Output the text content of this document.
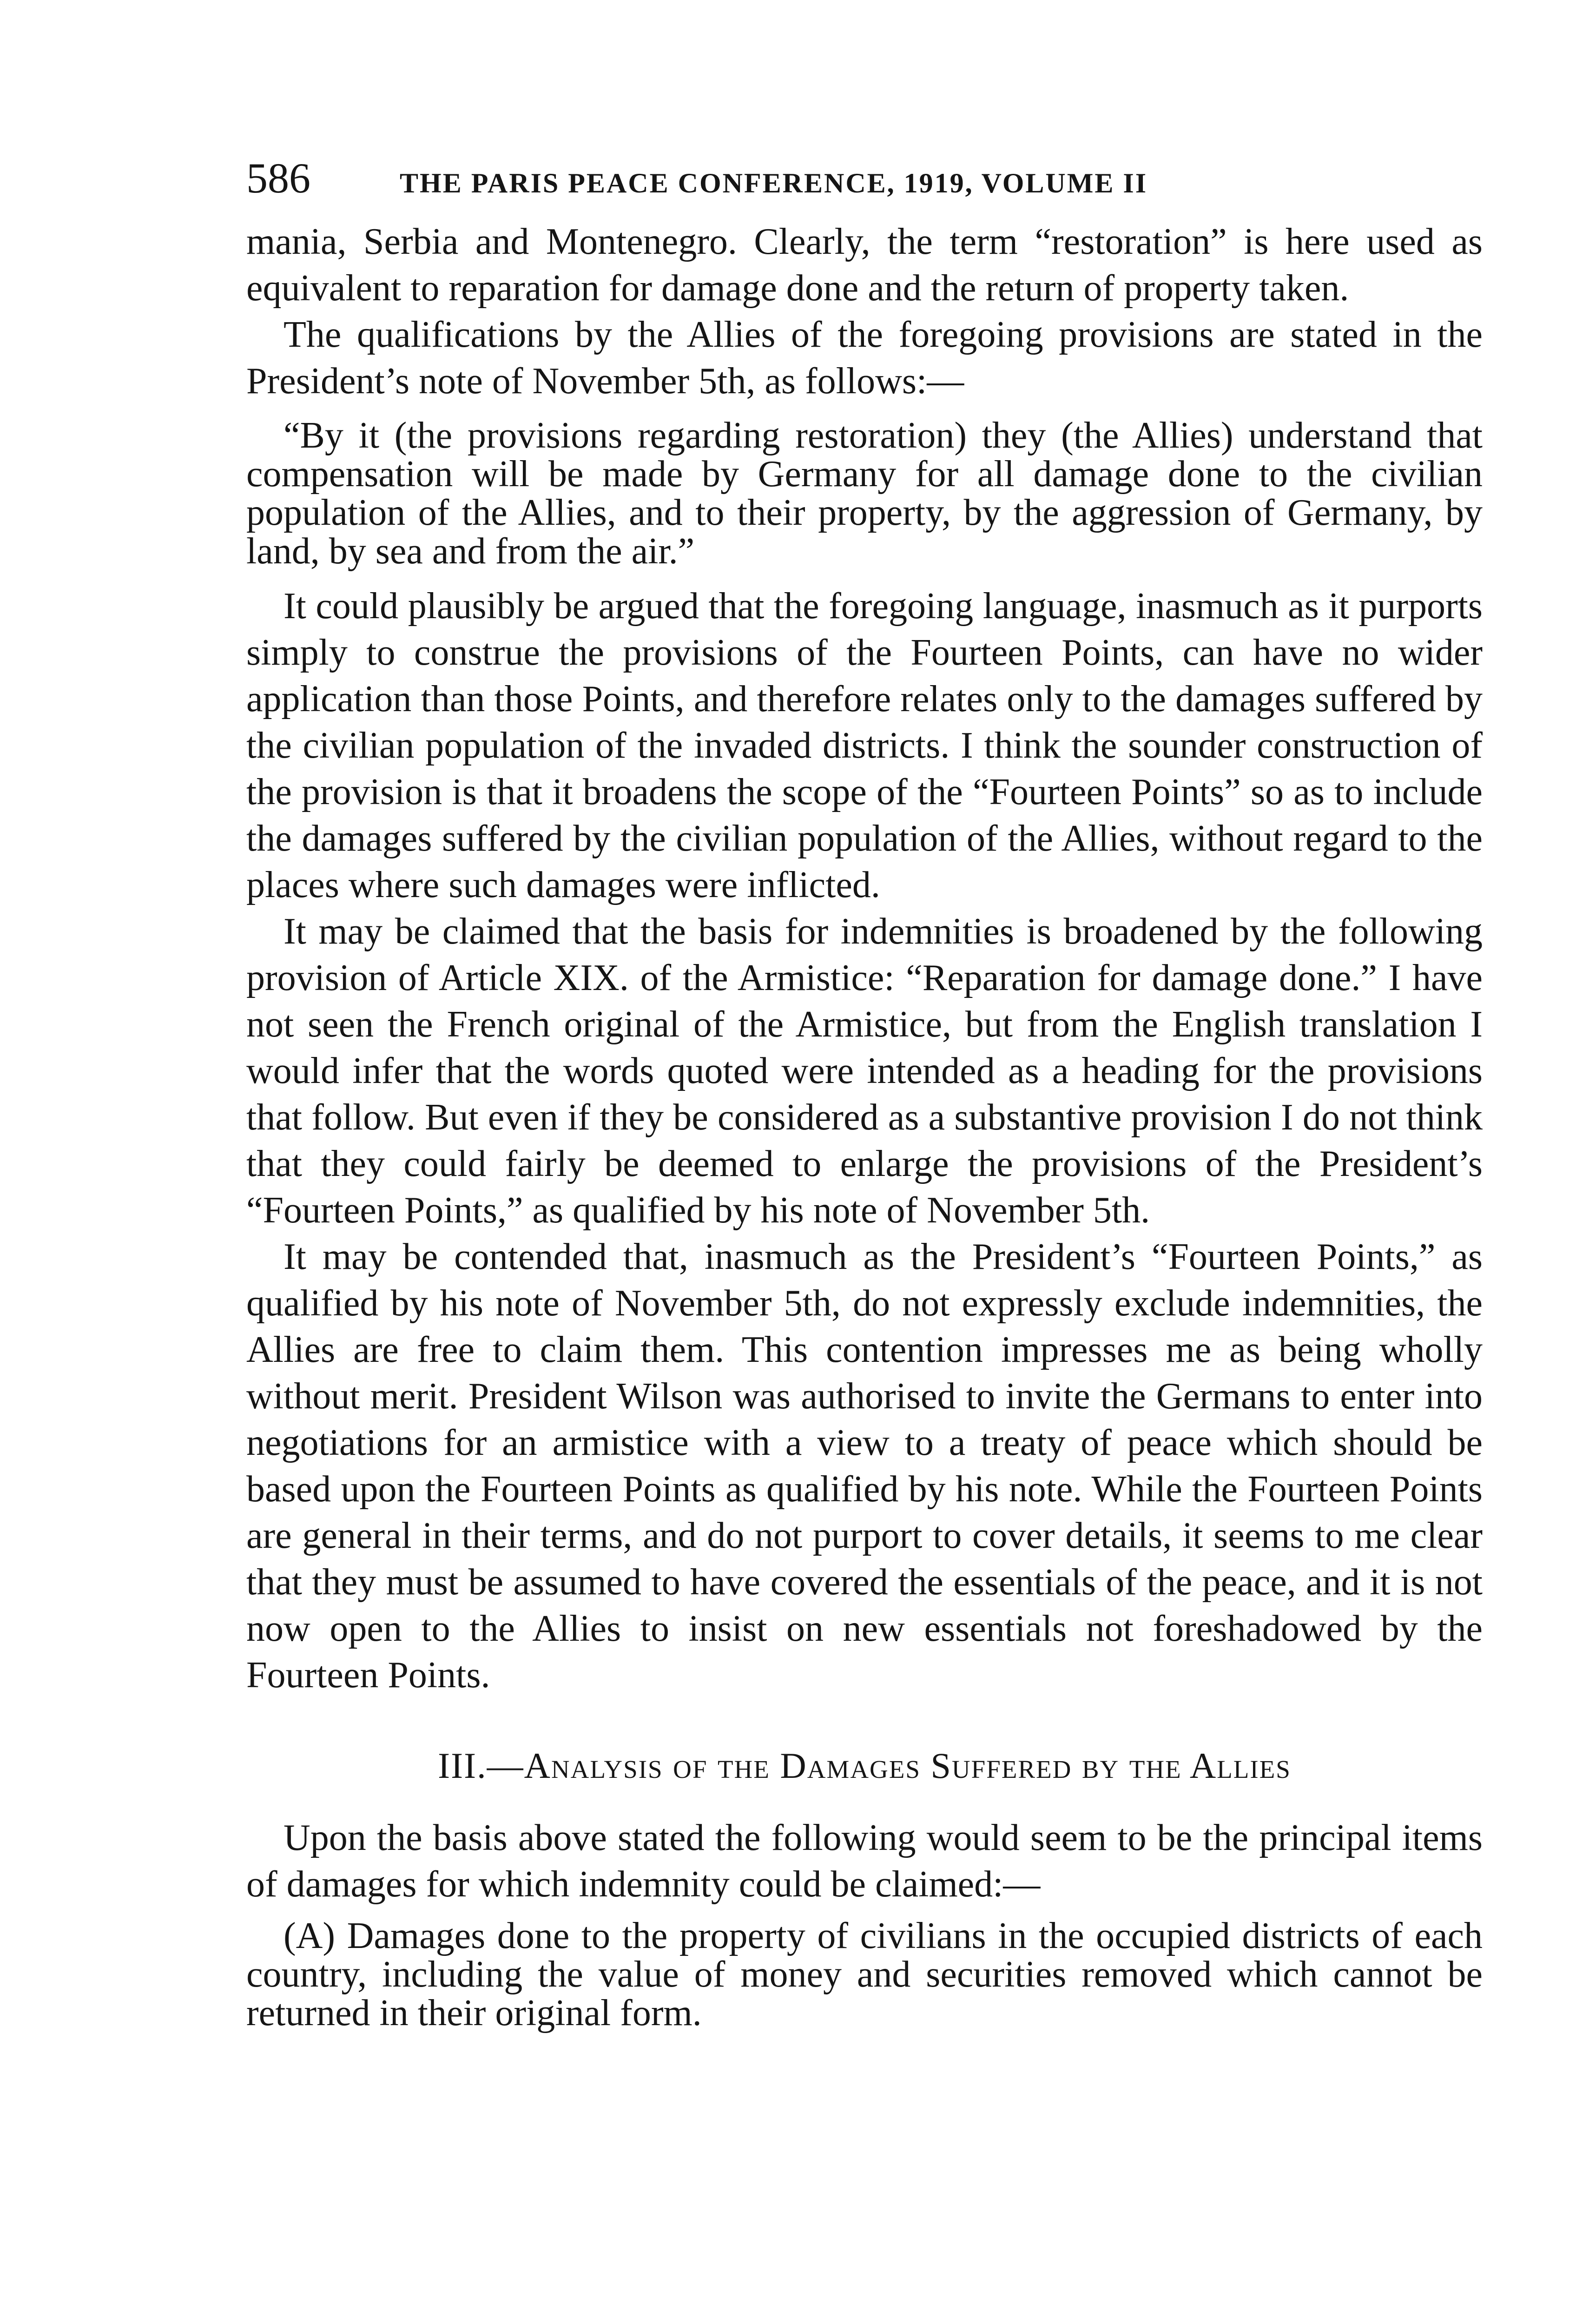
586	THE PARIS PEACE CONFERENCE, 1919, VOLUME II

mania, Serbia and Montenegro. Clearly, the term “restoration” is here used as equivalent to reparation for damage done and the return of property taken.

The qualifications by the Allies of the foregoing provisions are stated in the President’s note of November 5th, as follows:—

“By it (the provisions regarding restoration) they (the Allies) understand that compensation will be made by Germany for all damage done to the civilian population of the Allies, and to their property, by the aggression of Germany, by land, by sea and from the air.”

It could plausibly be argued that the foregoing language, inasmuch as it purports simply to construe the provisions of the Fourteen Points, can have no wider application than those Points, and therefore relates only to the damages suffered by the civilian population of the invaded districts. I think the sounder construction of the provision is that it broadens the scope of the “Fourteen Points” so as to include the damages suffered by the civilian population of the Allies, without regard to the places where such damages were inflicted.

It may be claimed that the basis for indemnities is broadened by the following provision of Article XIX. of the Armistice: “Reparation for damage done.” I have not seen the French original of the Armistice, but from the English translation I would infer that the words quoted were intended as a heading for the provisions that follow. But even if they be considered as a substantive provision I do not think that they could fairly be deemed to enlarge the provisions of the President’s “Fourteen Points,” as qualified by his note of November 5th.

It may be contended that, inasmuch as the President’s “Fourteen Points,” as qualified by his note of November 5th, do not expressly exclude indemnities, the Allies are free to claim them. This contention impresses me as being wholly without merit. President Wilson was authorised to invite the Germans to enter into negotiations for an armistice with a view to a treaty of peace which should be based upon the Fourteen Points as qualified by his note. While the Fourteen Points are general in their terms, and do not purport to cover details, it seems to me clear that they must be assumed to have covered the essentials of the peace, and it is not now open to the Allies to insist on new essentials not foreshadowed by the Fourteen Points.

III.—Analysis of the Damages Suffered by the Allies

Upon the basis above stated the following would seem to be the principal items of damages for which indemnity could be claimed:—

(A) Damages done to the property of civilians in the occupied districts of each country, including the value of money and securities removed which cannot be returned in their original form.
